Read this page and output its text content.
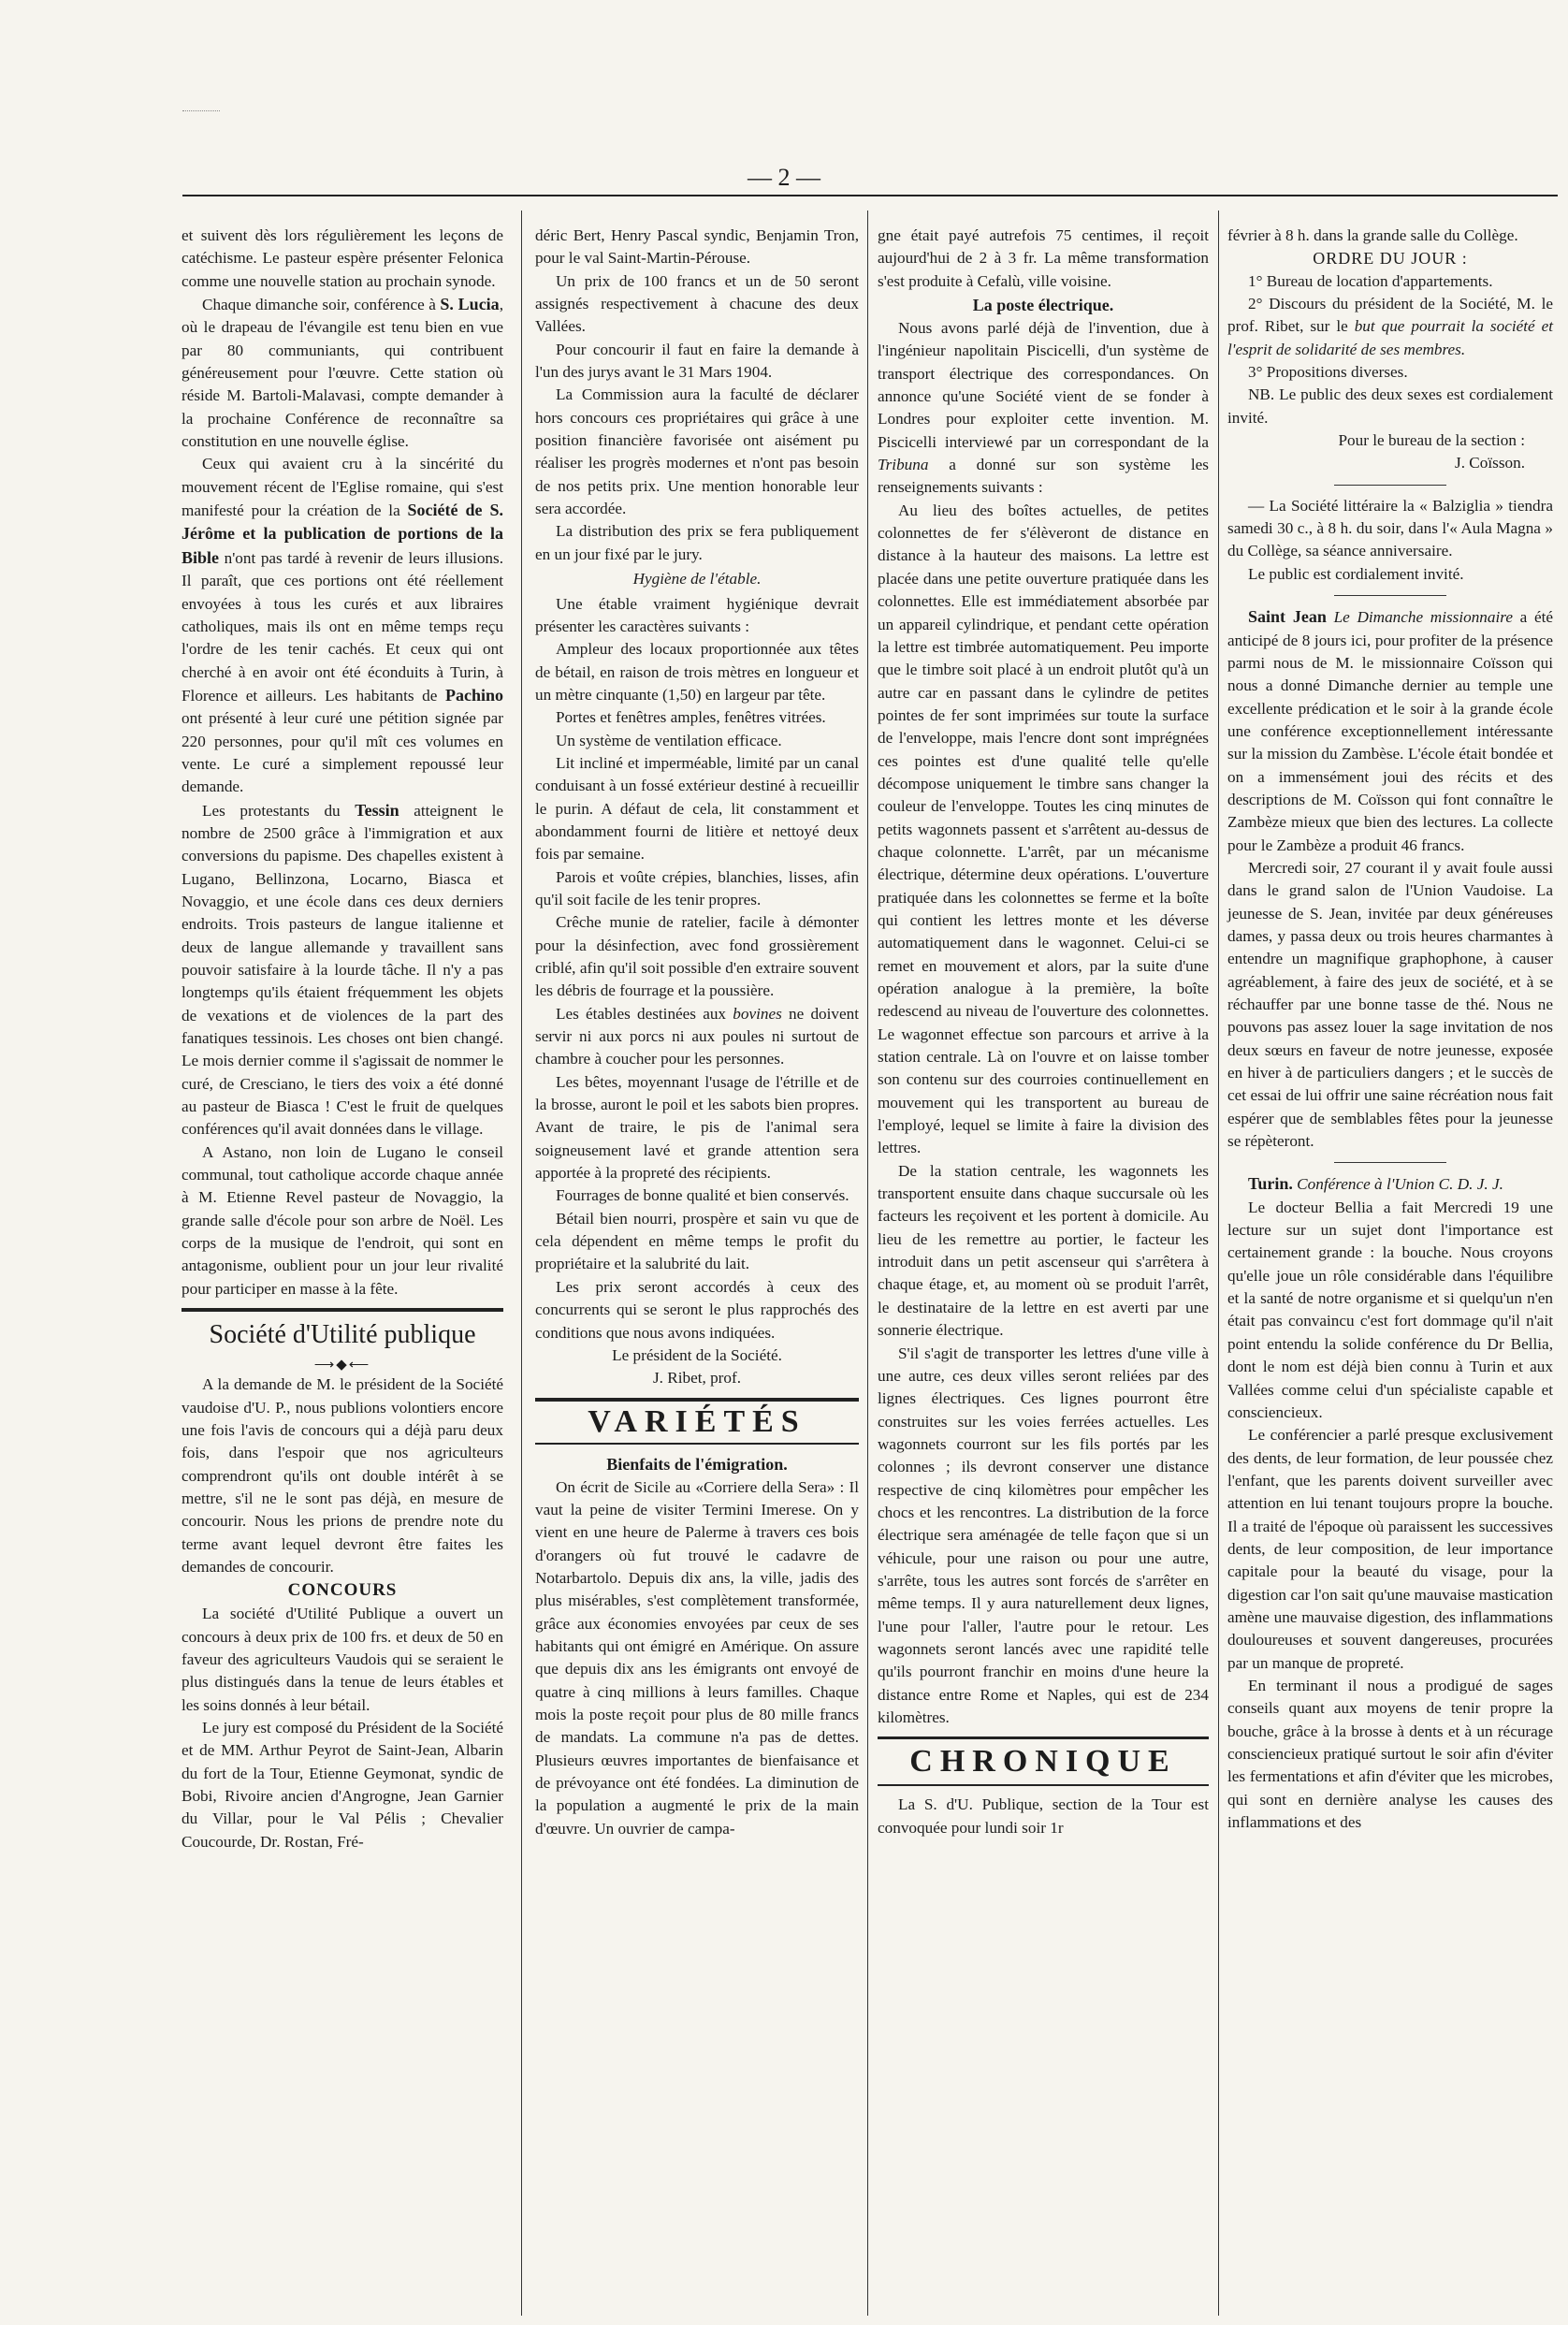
— 2 —

et suivent dès lors régulièrement les leçons de catéchisme. Le pasteur espère présenter Felonica comme une nouvelle station au prochain synode.

Chaque dimanche soir, conférence à S. Lucia, où le drapeau de l'évangile est tenu bien en vue par 80 communiants, qui contribuent généreusement pour l'œuvre. Cette station où réside M. Bartoli-Malavasi, compte demander à la prochaine Conférence de reconnaître sa constitution en une nouvelle église.

Ceux qui avaient cru à la sincérité du mouvement récent de l'Eglise romaine, qui s'est manifesté pour la création de la Société de S. Jérôme et la publication de portions de la Bible n'ont pas tardé à revenir de leurs illusions. Il paraît, que ces portions ont été réellement envoyées à tous les curés et aux libraires catholiques, mais ils ont en même temps reçu l'ordre de les tenir cachés. Et ceux qui ont cherché à en avoir ont été éconduits à Turin, à Florence et ailleurs. Les habitants de Pachino ont présenté à leur curé une pétition signée par 220 personnes, pour qu'il mît ces volumes en vente. Le curé a simplement repoussé leur demande.

Les protestants du Tessin atteignent le nombre de 2500 grâce à l'immigration et aux conversions du papisme. Des chapelles existent à Lugano, Bellinzona, Locarno, Biasca et Novaggio, et une école dans ces deux derniers endroits. Trois pasteurs de langue italienne et deux de langue allemande y travaillent sans pouvoir satisfaire à la lourde tâche. Il n'y a pas longtemps qu'ils étaient fréquemment les objets de vexations et de violences de la part des fanatiques tessinois. Les choses ont bien changé. Le mois dernier comme il s'agissait de nommer le curé, de Cresciano, le tiers des voix a été donné au pasteur de Biasca ! C'est le fruit de quelques conférences qu'il avait données dans le village.

A Astano, non loin de Lugano le conseil communal, tout catholique accorde chaque année à M. Etienne Revel pasteur de Novaggio, la grande salle d'école pour son arbre de Noël. Les corps de la musique de l'endroit, qui sont en antagonisme, oublient pour un jour leur rivalité pour participer en masse à la fête.

Société d'Utilité publique
⟶◆⟵

A la demande de M. le président de la Société vaudoise d'U. P., nous publions volontiers encore une fois l'avis de concours qui a déjà paru deux fois, dans l'espoir que nos agriculteurs comprendront qu'ils ont double intérêt à se mettre, s'il ne le sont pas déjà, en mesure de concourir. Nous les prions de prendre note du terme avant lequel devront être faites les demandes de concourir.

CONCOURS

La société d'Utilité Publique a ouvert un concours à deux prix de 100 frs. et deux de 50 en faveur des agriculteurs Vaudois qui se seraient le plus distingués dans la tenue de leurs étables et les soins donnés à leur bétail.

Le jury est composé du Président de la Société et de MM. Arthur Peyrot de Saint-Jean, Albarin du fort de la Tour, Etienne Geymonat, syndic de Bobi, Rivoire ancien d'Angrogne, Jean Garnier du Villar, pour le Val Pélis ; Chevalier Coucourde, Dr. Rostan, Fré-

déric Bert, Henry Pascal syndic, Benjamin Tron, pour le val Saint-Martin-Pérouse.

Un prix de 100 francs et un de 50 seront assignés respectivement à chacune des deux Vallées.

Pour concourir il faut en faire la demande à l'un des jurys avant le 31 Mars 1904.

La Commission aura la faculté de déclarer hors concours ces propriétaires qui grâce à une position financière favorisée ont aisément pu réaliser les progrès modernes et n'ont pas besoin de nos petits prix. Une mention honorable leur sera accordée.

La distribution des prix se fera publiquement en un jour fixé par le jury.

Hygiène de l'étable.

Une étable vraiment hygiénique devrait présenter les caractères suivants :

Ampleur des locaux proportionnée aux têtes de bétail, en raison de trois mètres en longueur et un mètre cinquante (1,50) en largeur par tête.

Portes et fenêtres amples, fenêtres vitrées.

Un système de ventilation efficace.

Lit incliné et imperméable, limité par un canal conduisant à un fossé extérieur destiné à recueillir le purin. A défaut de cela, lit constamment et abondamment fourni de litière et nettoyé deux fois par semaine.

Parois et voûte crépies, blanchies, lisses, afin qu'il soit facile de les tenir propres.

Crêche munie de ratelier, facile à démonter pour la désinfection, avec fond grossièrement criblé, afin qu'il soit possible d'en extraire souvent les débris de fourrage et la poussière.

Les étables destinées aux bovines ne doivent servir ni aux porcs ni aux poules ni surtout de chambre à coucher pour les personnes.

Les bêtes, moyennant l'usage de l'étrille et de la brosse, auront le poil et les sabots bien propres. Avant de traire, le pis de l'animal sera soigneusement lavé et grande attention sera apportée à la propreté des récipients.

Fourrages de bonne qualité et bien conservés.

Bétail bien nourri, prospère et sain vu que de cela dépendent en même temps le profit du propriétaire et la salubrité du lait.

Les prix seront accordés à ceux des concurrents qui se seront le plus rapprochés des conditions que nous avons indiquées.

Le président de la Société.
J. Ribet, prof.
VARIÉTÉS
Bienfaits de l'émigration.

On écrit de Sicile au «Corriere della Sera» : Il vaut la peine de visiter Termini Imerese. On y vient en une heure de Palerme à travers ces bois d'orangers où fut trouvé le cadavre de Notarbartolo. Depuis dix ans, la ville, jadis des plus misérables, s'est complètement transformée, grâce aux économies envoyées par ceux de ses habitants qui ont émigré en Amérique. On assure que depuis dix ans les émigrants ont envoyé de quatre à cinq millions à leurs familles. Chaque mois la poste reçoit pour plus de 80 mille francs de mandats. La commune n'a pas de dettes. Plusieurs œuvres importantes de bienfaisance et de prévoyance ont été fondées. La diminution de la population a augmenté le prix de la main d'œuvre. Un ouvrier de campa-

gne était payé autrefois 75 centimes, il reçoit aujourd'hui de 2 à 3 fr. La même transformation s'est produite à Cefalù, ville voisine.

La poste électrique.

Nous avons parlé déjà de l'invention, due à l'ingénieur napolitain Piscicelli, d'un système de transport électrique des correspondances. On annonce qu'une Société vient de se fonder à Londres pour exploiter cette invention. M. Piscicelli interviewé par un correspondant de la Tribuna a donné sur son système les renseignements suivants :

Au lieu des boîtes actuelles, de petites colonnettes de fer s'élèveront de distance en distance à la hauteur des maisons. La lettre est placée dans une petite ouverture pratiquée dans les colonnettes. Elle est immédiatement absorbée par un appareil cylindrique, et pendant cette opération la lettre est timbrée automatiquement. Peu importe que le timbre soit placé à un endroit plutôt qu'à un autre car en passant dans le cylindre de petites pointes de fer sont imprimées sur toute la surface de l'enveloppe, mais l'encre dont sont imprégnées ces pointes est d'une qualité telle qu'elle décompose uniquement le timbre sans changer la couleur de l'enveloppe. Toutes les cinq minutes de petits wagonnets passent et s'arrêtent au-dessus de chaque colonnette. L'arrêt, par un mécanisme électrique, détermine deux opérations. L'ouverture pratiquée dans les colonnettes se ferme et la boîte qui contient les lettres monte et les déverse automatiquement dans le wagonnet. Celui-ci se remet en mouvement et alors, par la suite d'une opération analogue à la première, la boîte redescend au niveau de l'ouverture des colonnettes. Le wagonnet effectue son parcours et arrive à la station centrale. Là on l'ouvre et on laisse tomber son contenu sur des courroies continuellement en mouvement qui les transportent au bureau de l'employé, lequel se limite à faire la division des lettres.

De la station centrale, les wagonnets les transportent ensuite dans chaque succursale où les facteurs les reçoivent et les portent à domicile. Au lieu de les remettre au portier, le facteur les introduit dans un petit ascenseur qui s'arrêtera à chaque étage, et, au moment où se produit l'arrêt, le destinataire de la lettre en est averti par une sonnerie électrique.

S'il s'agit de transporter les lettres d'une ville à une autre, ces deux villes seront reliées par des lignes électriques. Ces lignes pourront être construites sur les voies ferrées actuelles. Les wagonnets courront sur les fils portés par les colonnes ; ils devront conserver une distance respective de cinq kilomètres pour empêcher les chocs et les rencontres. La distribution de la force électrique sera aménagée de telle façon que si un véhicule, pour une raison ou pour une autre, s'arrête, tous les autres sont forcés de s'arrêter en même temps. Il y aura naturellement deux lignes, l'une pour l'aller, l'autre pour le retour. Les wagonnets seront lancés avec une rapidité telle qu'ils pourront franchir en moins d'une heure la distance entre Rome et Naples, qui est de 234 kilomètres.

CHRONIQUE

La S. d'U. Publique, section de la Tour est convoquée pour lundi soir 1r

février à 8 h. dans la grande salle du Collège.

ORDRE DU JOUR :

1° Bureau de location d'appartements.

2° Discours du président de la Société, M. le prof. Ribet, sur le but que pourrait la société et l'esprit de solidarité de ses membres.

3° Propositions diverses.

NB. Le public des deux sexes est cordialement invité.

Pour le bureau de la section :
J. Coïsson.

— La Société littéraire la « Balziglia » tiendra samedi 30 c., à 8 h. du soir, dans l'« Aula Magna » du Collège, sa séance anniversaire.

Le public est cordialement invité.

Saint Jean Le Dimanche missionnaire a été anticipé de 8 jours ici, pour profiter de la présence parmi nous de M. le missionnaire Coïsson qui nous a donné Dimanche dernier au temple une excellente prédication et le soir à la grande école une conférence exceptionnellement intéressante sur la mission du Zambèse. L'école était bondée et on a immensément joui des récits et des descriptions de M. Coïsson qui font connaître le Zambèze mieux que bien des lectures. La collecte pour le Zambèze a produit 46 francs.

Mercredi soir, 27 courant il y avait foule aussi dans le grand salon de l'Union Vaudoise. La jeunesse de S. Jean, invitée par deux généreuses dames, y passa deux ou trois heures charmantes à entendre un magnifique graphophone, à causer agréablement, à faire des jeux de société, et à se réchauffer par une bonne tasse de thé. Nous ne pouvons pas assez louer la sage invitation de nos deux sœurs en faveur de notre jeunesse, exposée en hiver à de particuliers dangers ; et le succès de cet essai de lui offrir une saine récréation nous fait espérer que de semblables fêtes pour la jeunesse se répèteront.

Turin. Conférence à l'Union C. D. J. J.

Le docteur Bellia a fait Mercredi 19 une lecture sur un sujet dont l'importance est certainement grande : la bouche. Nous croyons qu'elle joue un rôle considérable dans l'équilibre et la santé de notre organisme et si quelqu'un n'en était pas convaincu c'est fort dommage qu'il n'ait point entendu la solide conférence du Dr Bellia, dont le nom est déjà bien connu à Turin et aux Vallées comme celui d'un spécialiste capable et consciencieux.

Le conférencier a parlé presque exclusivement des dents, de leur formation, de leur poussée chez l'enfant, que les parents doivent surveiller avec attention en lui tenant toujours propre la bouche. Il a traité de l'époque où paraissent les successives dents, de leur composition, de leur importance capitale pour la beauté du visage, pour la digestion car l'on sait qu'une mauvaise mastication amène une mauvaise digestion, des inflammations douloureuses et souvent dangereuses, procurées par un manque de propreté.

En terminant il nous a prodigué de sages conseils quant aux moyens de tenir propre la bouche, grâce à la brosse à dents et à un récurage consciencieux pratiqué surtout le soir afin d'éviter les fermentations et afin d'éviter que les microbes, qui sont en dernière analyse les causes des inflammations et des
